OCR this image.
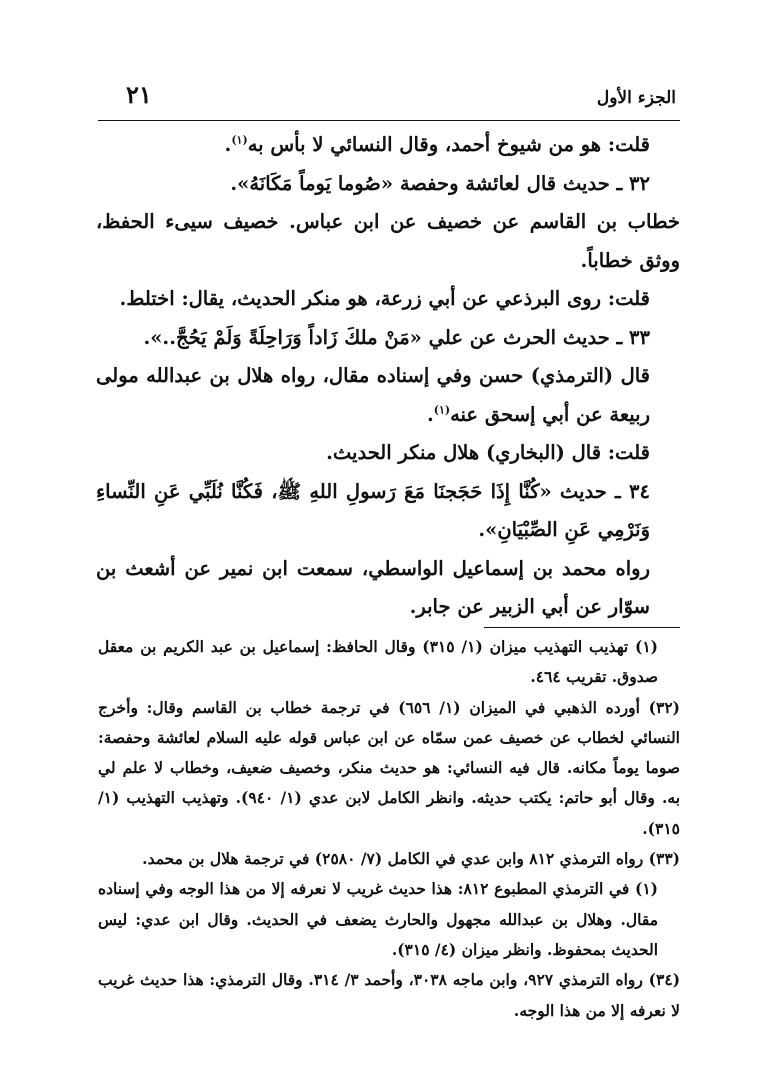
الجزء الأول
٢١

قلت: هو من شيوخ أحمد، وقال النسائي لا بأس به$^{(١)}$.

٣٢ ـ حديث قال لعائشة وحفصة «صُوما يَوماً مَكَانَهُ».

خطاب بن القاسم عن خصيف عن ابن عباس. خصيف سيىء الحفظ، ووثق خطاباً.

قلت: روى البرذعي عن أبي زرعة، هو منكر الحديث، يقال: اختلط.

٣٣ ـ حديث الحرث عن علي «مَنْ ملكَ زَاداً وَرَاحِلَةً وَلَمْ يَحُجَّ..».

قال (الترمذي) حسن وفي إسناده مقال، رواه هلال بن عبدالله مولى ربيعة عن أبي إسحق عنه$^{(١)}$.

قلت: قال (البخاري) هلال منكر الحديث.

٣٤ ـ حديث «كُنَّا إِذَا حَجَجنَا مَعَ رَسولِ اللهِ ﷺ، فَكُنَّا نُلَبِّي عَنِ النِّساءِ وَنَرْمِي عَنِ الصِّبْيَانِ».

رواه محمد بن إسماعيل الواسطي، سمعت ابن نمير عن أشعث بن سوّار عن أبي الزبير عن جابر.

(١) تهذيب التهذيب ميزان (١/ ٣١٥) وقال الحافظ: إسماعيل بن عبد الكريم بن معقل صدوق. تقريب ٤٦٤.

(٣٢) أورده الذهبي في الميزان (١/ ٦٥٦) في ترجمة خطاب بن القاسم وقال: وأخرج النسائي لخطاب عن خصيف عمن سمّاه عن ابن عباس قوله عليه السلام لعائشة وحفصة: صوما يوماً مكانه. قال فيه النسائي: هو حديث منكر، وخصيف ضعيف، وخطاب لا علم لي به. وقال أبو حاتم: يكتب حديثه. وانظر الكامل لابن عدي (١/ ٩٤٠). وتهذيب التهذيب (١/ ٣١٥).

(٣٣) رواه الترمذي ٨١٢ وابن عدي في الكامل (٧/ ٢٥٨٠) في ترجمة هلال بن محمد.

(١) في الترمذي المطبوع ٨١٢: هذا حديث غريب لا نعرفه إلا من هذا الوجه وفي إسناده مقال. وهلال بن عبدالله مجهول والحارث يضعف في الحديث. وقال ابن عدي: ليس الحديث بمحفوظ. وانظر ميزان (٤/ ٣١٥).

(٣٤) رواه الترمذي ٩٢٧، وابن ماجه ٣٠٣٨، وأحمد ٣/ ٣١٤. وقال الترمذي: هذا حديث غريب لا نعرفه إلا من هذا الوجه.
